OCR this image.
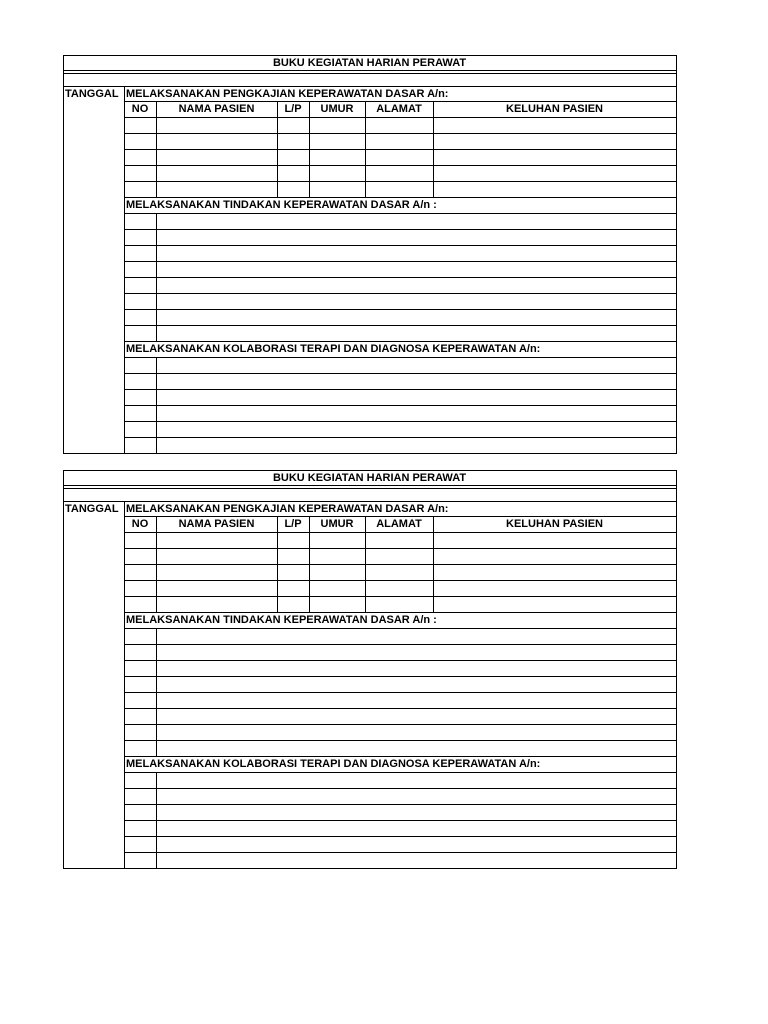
BUKU KEGIATAN HARIAN PERAWAT
TANGGAL MELAKSANAKAN PENGKAJIAN KEPERAWATAN DASAR A/n:
NO	NAMA PASIEN	L/P	UMUR	ALAMAT	KELUHAN PASIEN
MELAKSANAKAN TINDAKAN KEPERAWATAN DASAR A/n :
MELAKSANAKAN KOLABORASI TERAPI DAN DIAGNOSA KEPERAWATAN A/n:
BUKU KEGIATAN HARIAN PERAWAT
TANGGAL MELAKSANAKAN PENGKAJIAN KEPERAWATAN DASAR A/n:
NO	NAMA PASIEN	L/P	UMUR	ALAMAT	KELUHAN PASIEN
MELAKSANAKAN TINDAKAN KEPERAWATAN DASAR A/n :
MELAKSANAKAN KOLABORASI TERAPI DAN DIAGNOSA KEPERAWATAN A/n:
